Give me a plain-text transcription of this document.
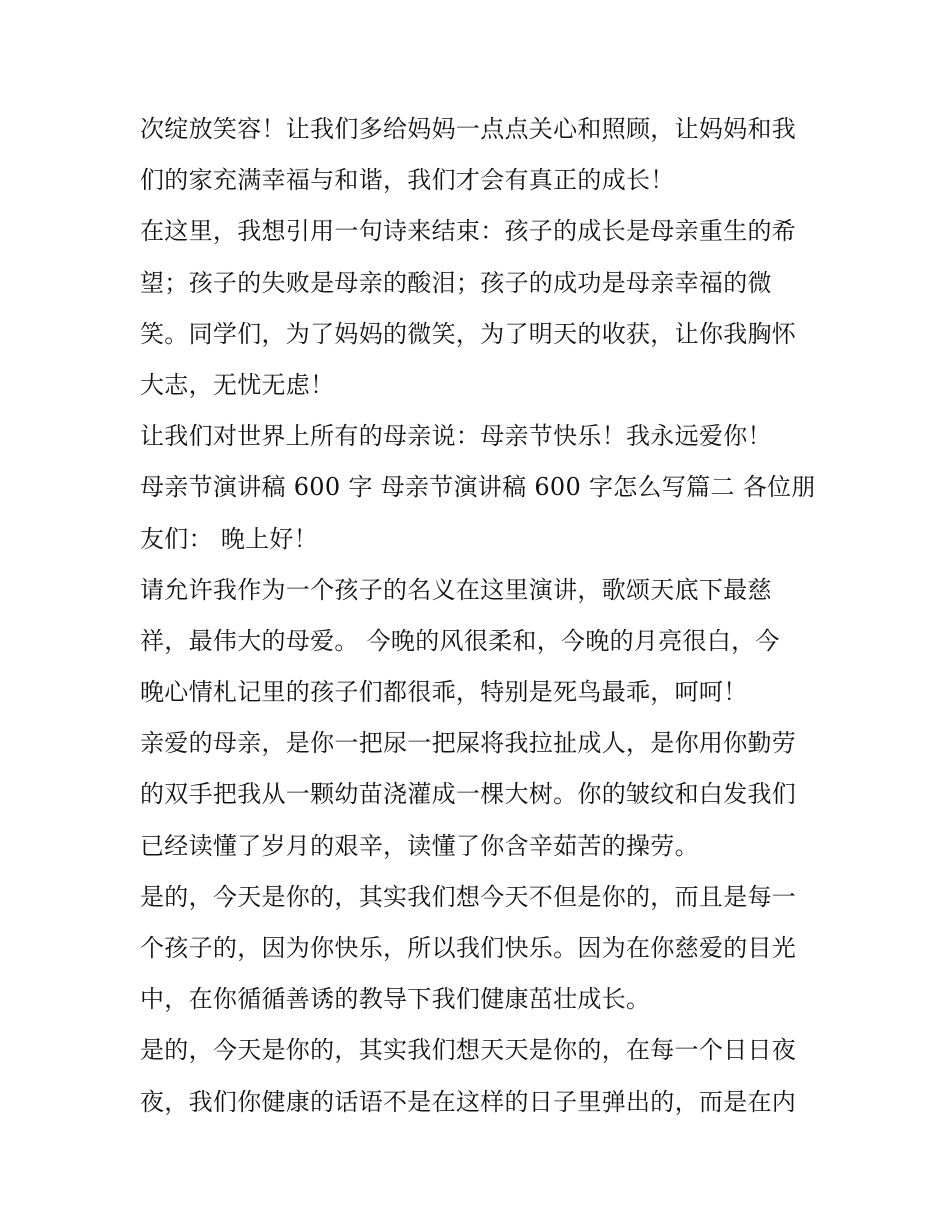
次绽放笑容！让我们多给妈妈一点点关心和照顾，让妈妈和我
们的家充满幸福与和谐，我们才会有真正的成长！
在这里，我想引用一句诗来结束：孩子的成长是母亲重生的希
望；孩子的失败是母亲的酸泪；孩子的成功是母亲幸福的微
笑。同学们，为了妈妈的微笑，为了明天的收获，让你我胸怀
大志，无忧无虑！
让我们对世界上所有的母亲说：母亲节快乐！我永远爱你！
母亲节演讲稿 600 字 母亲节演讲稿 600 字怎么写篇二 各位朋
友们： 晚上好！
请允许我作为一个孩子的名义在这里演讲，歌颂天底下最慈
祥，最伟大的母爱。 今晚的风很柔和，今晚的月亮很白，今
晚心情札记里的孩子们都很乖，特别是死鸟最乖，呵呵！
亲爱的母亲，是你一把尿一把屎将我拉扯成人，是你用你勤劳
的双手把我从一颗幼苗浇灌成一棵大树。你的皱纹和白发我们
已经读懂了岁月的艰辛，读懂了你含辛茹苦的操劳。
是的，今天是你的，其实我们想今天不但是你的，而且是每一
个孩子的，因为你快乐，所以我们快乐。因为在你慈爱的目光
中，在你循循善诱的教导下我们健康茁壮成长。
是的，今天是你的，其实我们想天天是你的，在每一个日日夜
夜，我们你健康的话语不是在这样的日子里弹出的，而是在内
